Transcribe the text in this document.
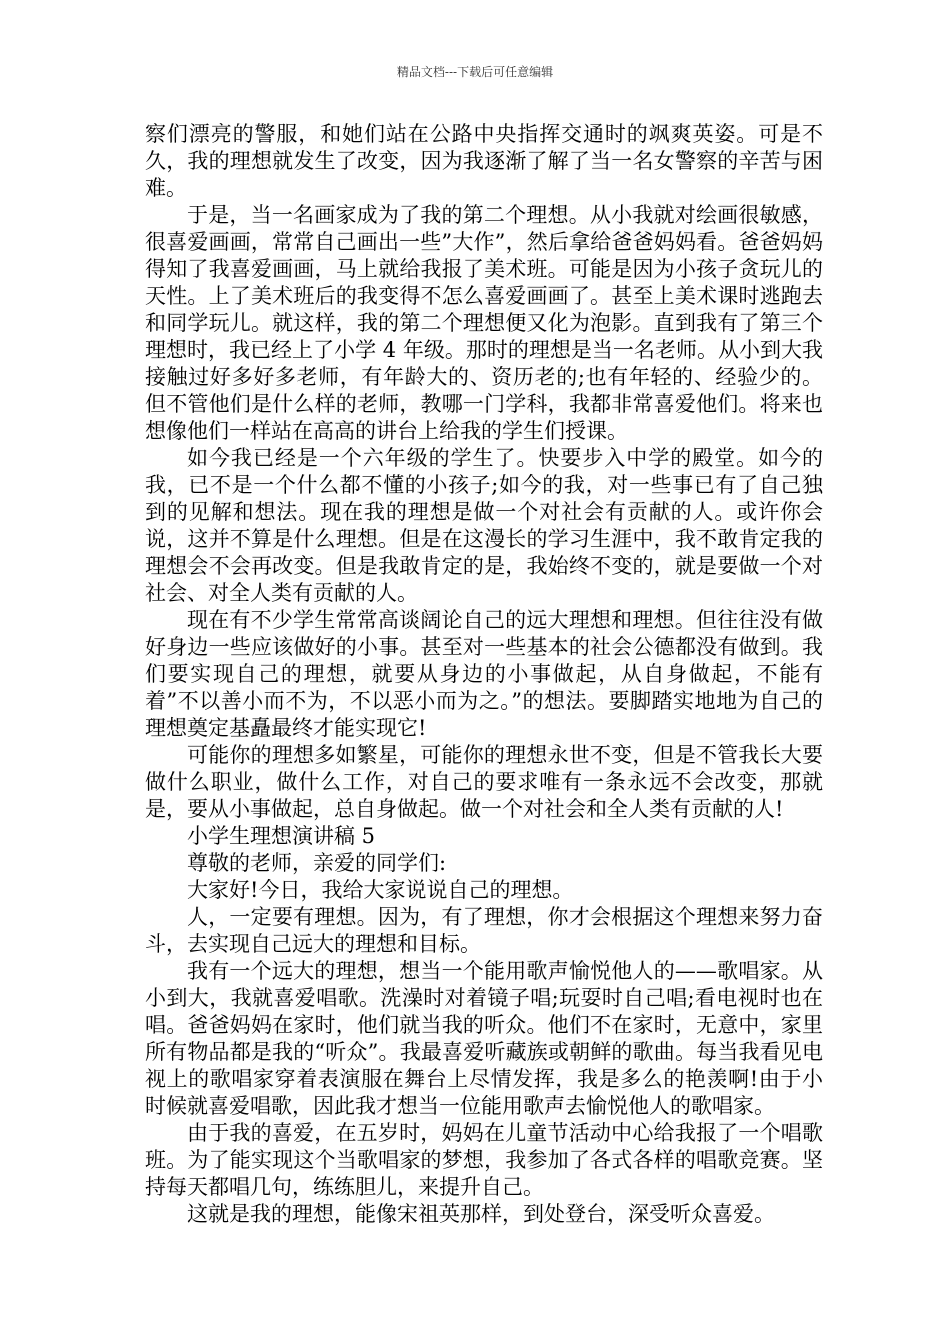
精品文档---下载后可任意编辑

察们漂亮的警服，和她们站在公路中央指挥交通时的飒爽英姿。可是不久，我的理想就发生了改变，因为我逐渐了解了当一名女警察的辛苦与困难。

于是，当一名画家成为了我的第二个理想。从小我就对绘画很敏感，很喜爱画画，常常自己画出一些”大作”，然后拿给爸爸妈妈看。爸爸妈妈得知了我喜爱画画，马上就给我报了美术班。可能是因为小孩子贪玩儿的天性。上了美术班后的我变得不怎么喜爱画画了。甚至上美术课时逃跑去和同学玩儿。就这样，我的第二个理想便又化为泡影。直到我有了第三个理想时，我已经上了小学 4 年级。那时的理想是当一名老师。从小到大我接触过好多好多老师，有年龄大的、资历老的;也有年轻的、经验少的。但不管他们是什么样的老师，教哪一门学科，我都非常喜爱他们。将来也想像他们一样站在高高的讲台上给我的学生们授课。

如今我已经是一个六年级的学生了。快要步入中学的殿堂。如今的我，已不是一个什么都不懂的小孩子;如今的我，对一些事已有了自己独到的见解和想法。现在我的理想是做一个对社会有贡献的人。或许你会说，这并不算是什么理想。但是在这漫长的学习生涯中，我不敢肯定我的理想会不会再改变。但是我敢肯定的是，我始终不变的，就是要做一个对社会、对全人类有贡献的人。

现在有不少学生常常高谈阔论自己的远大理想和理想。但往往没有做好身边一些应该做好的小事。甚至对一些基本的社会公德都没有做到。我们要实现自己的理想，就要从身边的小事做起，从自身做起，不能有着”不以善小而不为，不以恶小而为之。”的想法。要脚踏实地地为自己的理想奠定基矗最终才能实现它!

可能你的理想多如繁星，可能你的理想永世不变，但是不管我长大要做什么职业，做什么工作，对自己的要求唯有一条永远不会改变，那就是，要从小事做起，总自身做起。做一个对社会和全人类有贡献的人!

小学生理想演讲稿 5

尊敬的老师，亲爱的同学们:

大家好!今日，我给大家说说自己的理想。

人，一定要有理想。因为，有了理想，你才会根据这个理想来努力奋斗，去实现自己远大的理想和目标。

我有一个远大的理想，想当一个能用歌声愉悦他人的——歌唱家。从小到大，我就喜爱唱歌。洗澡时对着镜子唱;玩耍时自己唱;看电视时也在唱。爸爸妈妈在家时，他们就当我的听众。他们不在家时，无意中，家里所有物品都是我的“听众”。我最喜爱听藏族或朝鲜的歌曲。每当我看见电视上的歌唱家穿着表演服在舞台上尽情发挥，我是多么的艳羡啊!由于小时候就喜爱唱歌，因此我才想当一位能用歌声去愉悦他人的歌唱家。

由于我的喜爱，在五岁时，妈妈在儿童节活动中心给我报了一个唱歌班。为了能实现这个当歌唱家的梦想，我参加了各式各样的唱歌竞赛。坚持每天都唱几句，练练胆儿，来提升自己。

这就是我的理想，能像宋祖英那样，到处登台，深受听众喜爱。
